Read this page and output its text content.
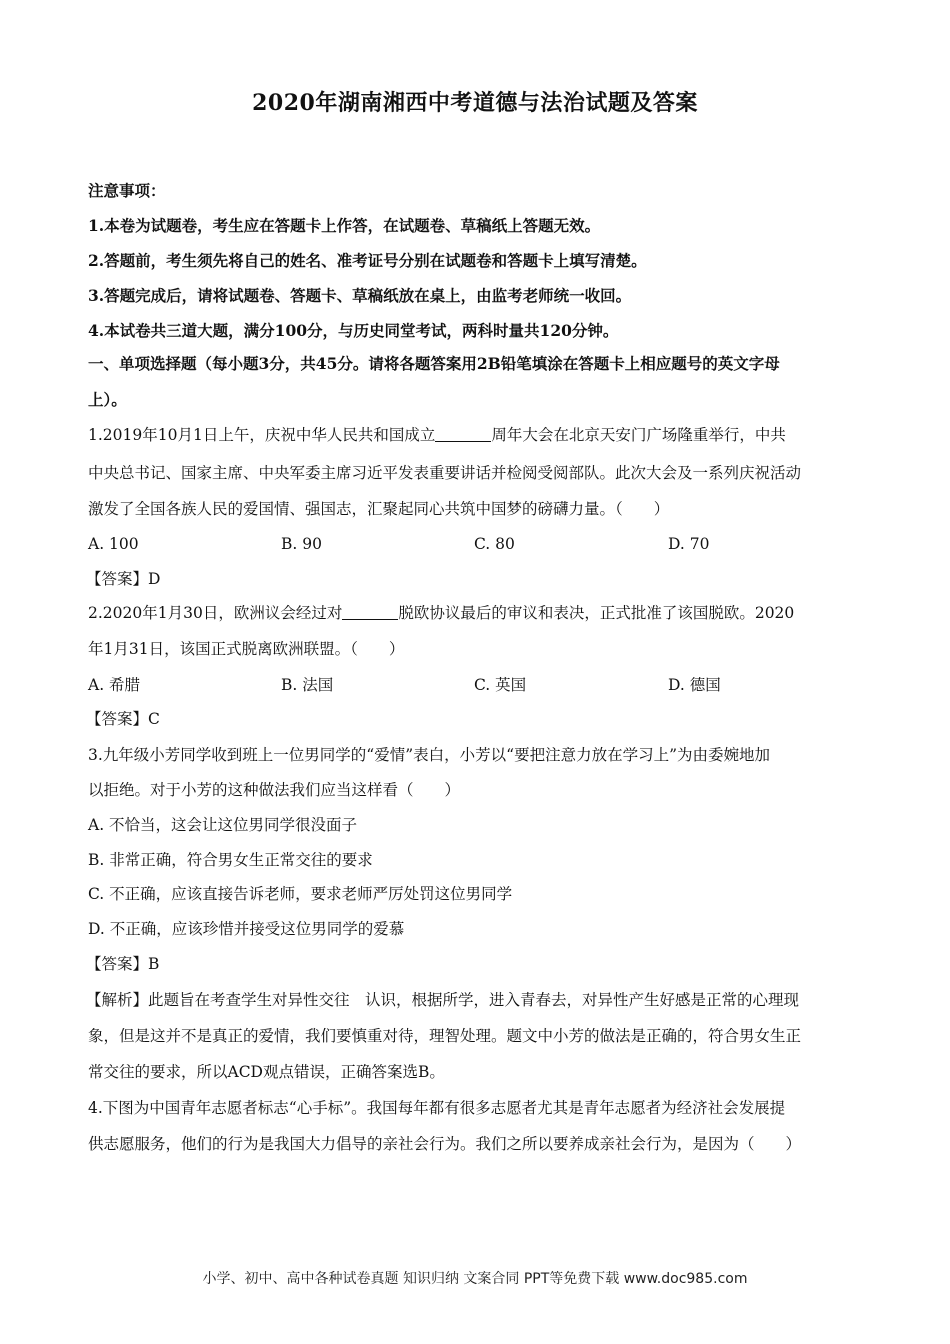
2020年湖南湘西中考道德与法治试题及答案
注意事项：
1.本卷为试题卷，考生应在答题卡上作答，在试题卷、草稿纸上答题无效。
2.答题前，考生须先将自己的姓名、准考证号分别在试题卷和答题卡上填写清楚。
3.答题完成后，请将试题卷、答题卡、草稿纸放在桌上，由监考老师统一收回。
4.本试卷共三道大题，满分100分，与历史同堂考试，两科时量共120分钟。
一、单项选择题（每小题3分，共45分。请将各题答案用2B铅笔填涂在答题卡上相应题号的英文字母
上）。
1.2019年10月1日上午，庆祝中华人民共和国成立	周年大会在北京天安门广场隆重举行，中共
中央总书记、国家主席、中央军委主席习近平发表重要讲话并检阅受阅部队。此次大会及一系列庆祝活动
激发了全国各族人民的爱国情、强国志，汇聚起同心共筑中国梦的磅礴力量。（　　）
A. 100	B. 90	C. 80	D. 70
【答案】D
2.2020年1月30日，欧洲议会经过对	脱欧协议最后的审议和表决，正式批准了该国脱欧。2020
年1月31日，该国正式脱离欧洲联盟。（　　）
A. 希腊	B. 法国	C. 英国	D. 德国
【答案】C
3.九年级小芳同学收到班上一位男同学的“爱情”表白，小芳以“要把注意力放在学习上”为由委婉地加
以拒绝。对于小芳的这种做法我们应当这样看（　　）
A. 不恰当，这会让这位男同学很没面子
B. 非常正确，符合男女生正常交往的要求
C. 不正确，应该直接告诉老师，要求老师严厉处罚这位男同学
D. 不正确，应该珍惜并接受这位男同学的爱慕
【答案】B
【解析】此题旨在考查学生对异性交往　认识，根据所学，进入青春去，对异性产生好感是正常的心理现
象，但是这并不是真正的爱情，我们要慎重对待，理智处理。题文中小芳的做法是正确的，符合男女生正
常交往的要求，所以ACD观点错误，正确答案选B。
4.下图为中国青年志愿者标志“心手标”。我国每年都有很多志愿者尤其是青年志愿者为经济社会发展提
供志愿服务，他们的行为是我国大力倡导的亲社会行为。我们之所以要养成亲社会行为，是因为（　　）
小学、初中、高中各种试卷真题 知识归纳 文案合同 PPT等免费下载 www.doc985.com
